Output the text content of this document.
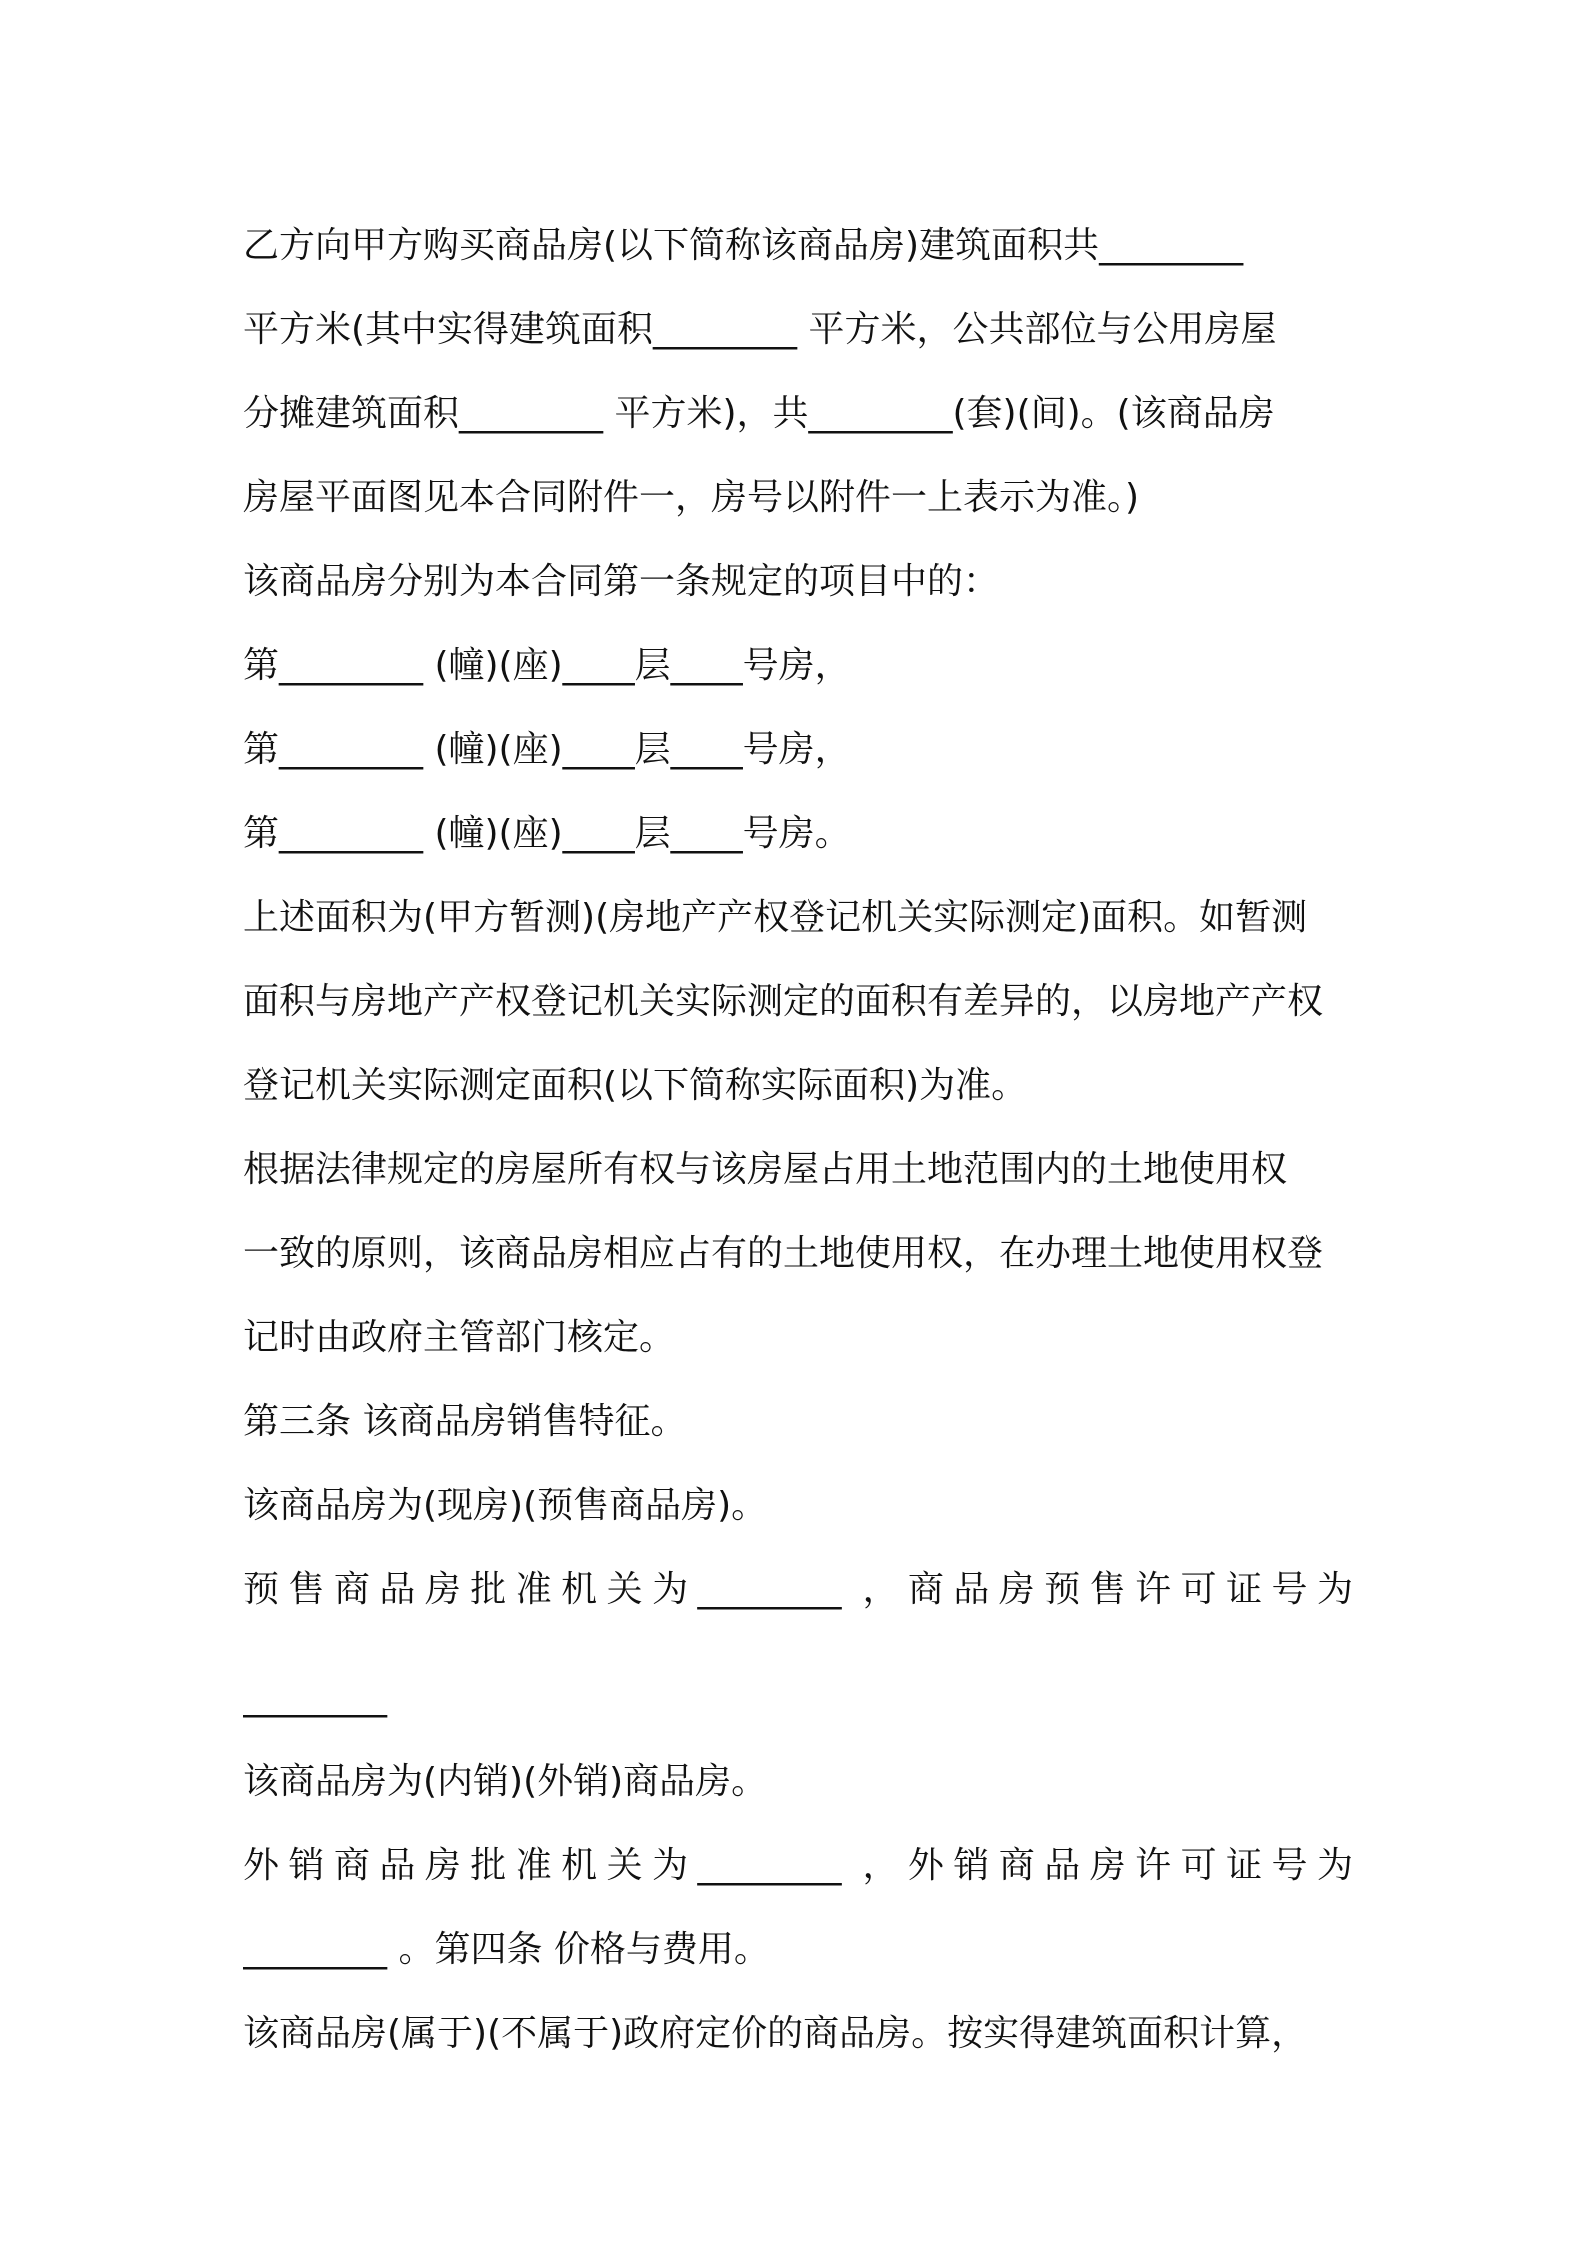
乙方向甲方购买商品房(以下简称该商品房)建筑面积共________
平方米(其中实得建筑面积________ 平方米，公共部位与公用房屋
分摊建筑面积________ 平方米)，共________(套)(间)。(该商品房
房屋平面图见本合同附件一，房号以附件一上表示为准。)
该商品房分别为本合同第一条规定的项目中的：
第________ (幢)(座)____层____号房，
第________ (幢)(座)____层____号房，
第________ (幢)(座)____层____号房。
上述面积为(甲方暂测)(房地产产权登记机关实际测定)面积。如暂测
面积与房地产产权登记机关实际测定的面积有差异的，以房地产产权
登记机关实际测定面积(以下简称实际面积)为准。
根据法律规定的房屋所有权与该房屋占用土地范围内的土地使用权
一致的原则，该商品房相应占有的土地使用权，在办理土地使用权登
记时由政府主管部门核定。
第三条 该商品房销售特征。
该商品房为(现房)(预售商品房)。
预售商品房批准机关为________ ，商品房预售许可证号为
________
该商品房为(内销)(外销)商品房。
外销商品房批准机关为________ ，外销商品房许可证号为
________ 。第四条 价格与费用。
该商品房(属于)(不属于)政府定价的商品房。按实得建筑面积计算，
